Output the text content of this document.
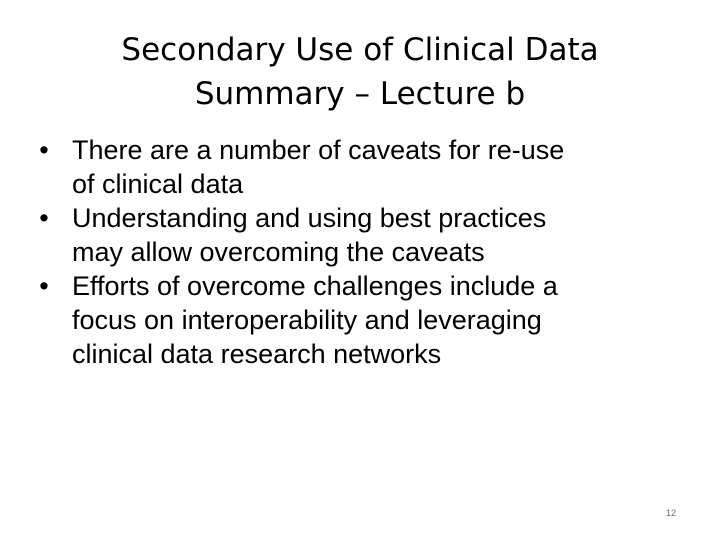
Secondary Use of Clinical Data
Summary – Lecture b
• There are a number of caveats for re-use
of clinical data
• Understanding and using best practices
may allow overcoming the caveats
• Efforts of overcome challenges include a
focus on interoperability and leveraging
clinical data research networks
12
